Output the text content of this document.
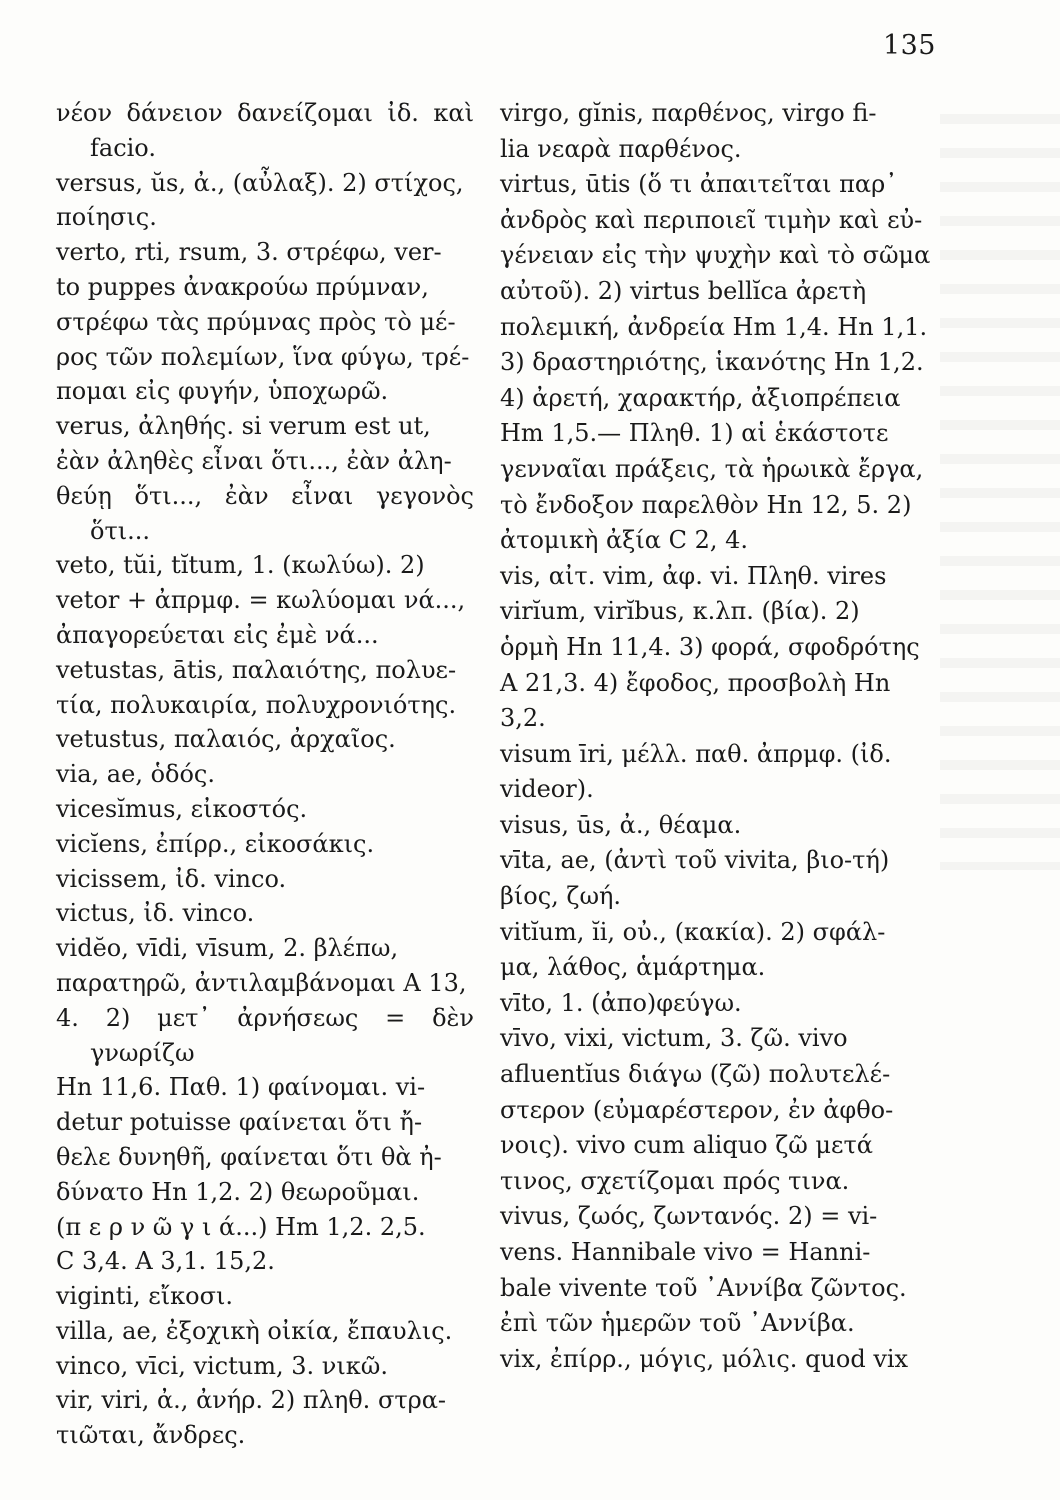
135
νέον δάνειον δανείζομαι ἰδ. καὶ facio.
versus, ŭs, ἀ., (αὖλαξ). 2) στίχος,
ποίησις.
verto, rti, rsum, 3. στρέφω, ver-
to puppes ἀνακρούω πρύμναν,
στρέφω τὰς πρύμνας πρὸς τὸ μέ-
ρος τῶν πολεμίων, ἵνα φύγω, τρέ-
πομαι εἰς φυγήν, ὑποχωρῶ.
verus, ἀληθής. si verum est ut,
ἐὰν ἀληθὲς εἶναι ὅτι..., ἐὰν ἀλη-
θεύῃ ὅτι..., ἐὰν εἶναι γεγονὸς ὅτι...
veto, tŭi, tĭtum, 1. (κωλύω). 2)
vetor + ἀπρμφ. = κωλύομαι νά...,
ἀπαγορεύεται εἰς ἐμὲ νά...
vetustas, ātis, παλαιότης, πολυε-
τία, πολυκαιρία, πολυχρονιότης.
vetustus, παλαιός, ἀρχαῖος.
via, ae, ὁδός.
vicesĭmus, εἰκοστός.
vicĭens, ἐπίρρ., εἰκοσάκις.
vicissem, ἰδ. vinco.
victus, ἰδ. vinco.
vidĕo, vīdi, vīsum, 2. βλέπω,
παρατηρῶ, ἀντιλαμβάνομαι Α 13,
4. 2) μετ᾽ ἀρνήσεως = δὲν γνωρίζω
Hn 11,6. Παθ. 1) φαίνομαι. vi-
detur potuisse φαίνεται ὅτι ἤ-
θελε δυνηθῆ, φαίνεται ὅτι θὰ ἠ-
δύνατο Hn 1,2. 2) θεωροῦμαι.
(π ε ρ ν ῶ γ ι ά...) Hm 1,2. 2,5.
C 3,4. A 3,1. 15,2.
viginti, εἴκοσι.
villa, ae, ἐξοχικὴ οἰκία, ἔπαυλις.
vinco, vīci, victum, 3. νικῶ.
vir, viri, ἀ., ἀνήρ. 2) πληθ. στρα-
τιῶται, ἄνδρες.
virgo, gĭnis, παρθένος, virgo fi-
lia νεαρὰ παρθένος.
virtus, ūtis (ὅ τι ἀπαιτεῖται παρ᾽
ἀνδρὸς καὶ περιποιεῖ τιμὴν καὶ εὐ-
γένειαν εἰς τὴν ψυχὴν καὶ τὸ σῶμα
αὐτοῦ). 2) virtus bellĭca ἀρετὴ
πολεμική, ἀνδρεία Hm 1,4. Hn 1,1.
3) δραστηριότης, ἱκανότης Hn 1,2.
4) ἀρετή, χαρακτήρ, ἀξιοπρέπεια
Hm 1,5.— Πληθ. 1) αἱ ἑκάστοτε
γενναῖαι πράξεις, τὰ ἡρωικὰ ἔργα,
τὸ ἔνδοξον παρελθὸν Hn 12, 5. 2)
ἀτομικὴ ἀξία C 2, 4.
vis, αἰτ. vim, ἀφ. vi. Πληθ. vires
virĭum, virĭbus, κ.λπ. (βία). 2)
ὁρμὴ Hn 11,4. 3) φορά, σφοδρότης
A 21,3. 4) ἔφοδος, προσβολὴ Hn
3,2.
visum īri, μέλλ. παθ. ἀπρμφ. (ἰδ.
videor).
visus, ūs, ἀ., θέαμα.
vīta, ae, (ἀντὶ τοῦ vivita, βιο-τή)
βίος, ζωή.
vitĭum, ĭi, οὐ., (κακία). 2) σφάλ-
μα, λάθος, ἁμάρτημα.
vīto, 1. (ἀπο)φεύγω.
vīvo, vixi, victum, 3. ζῶ. vivo
afluentĭus διάγω (ζῶ) πολυτελέ-
στερον (εὐμαρέστερον, ἐν ἀφθο-
νοις). vivo cum aliquo ζῶ μετά
τινος, σχετίζομαι πρός τινα.
vivus, ζωός, ζωντανός. 2) = vi-
vens. Hannibale vivo = Hanni-
bale vivente τοῦ ᾿Αννίβα ζῶντος.
ἐπὶ τῶν ἡμερῶν τοῦ ᾿Αννίβα.
vix, ἐπίρρ., μόγις, μόλις. quod vix
